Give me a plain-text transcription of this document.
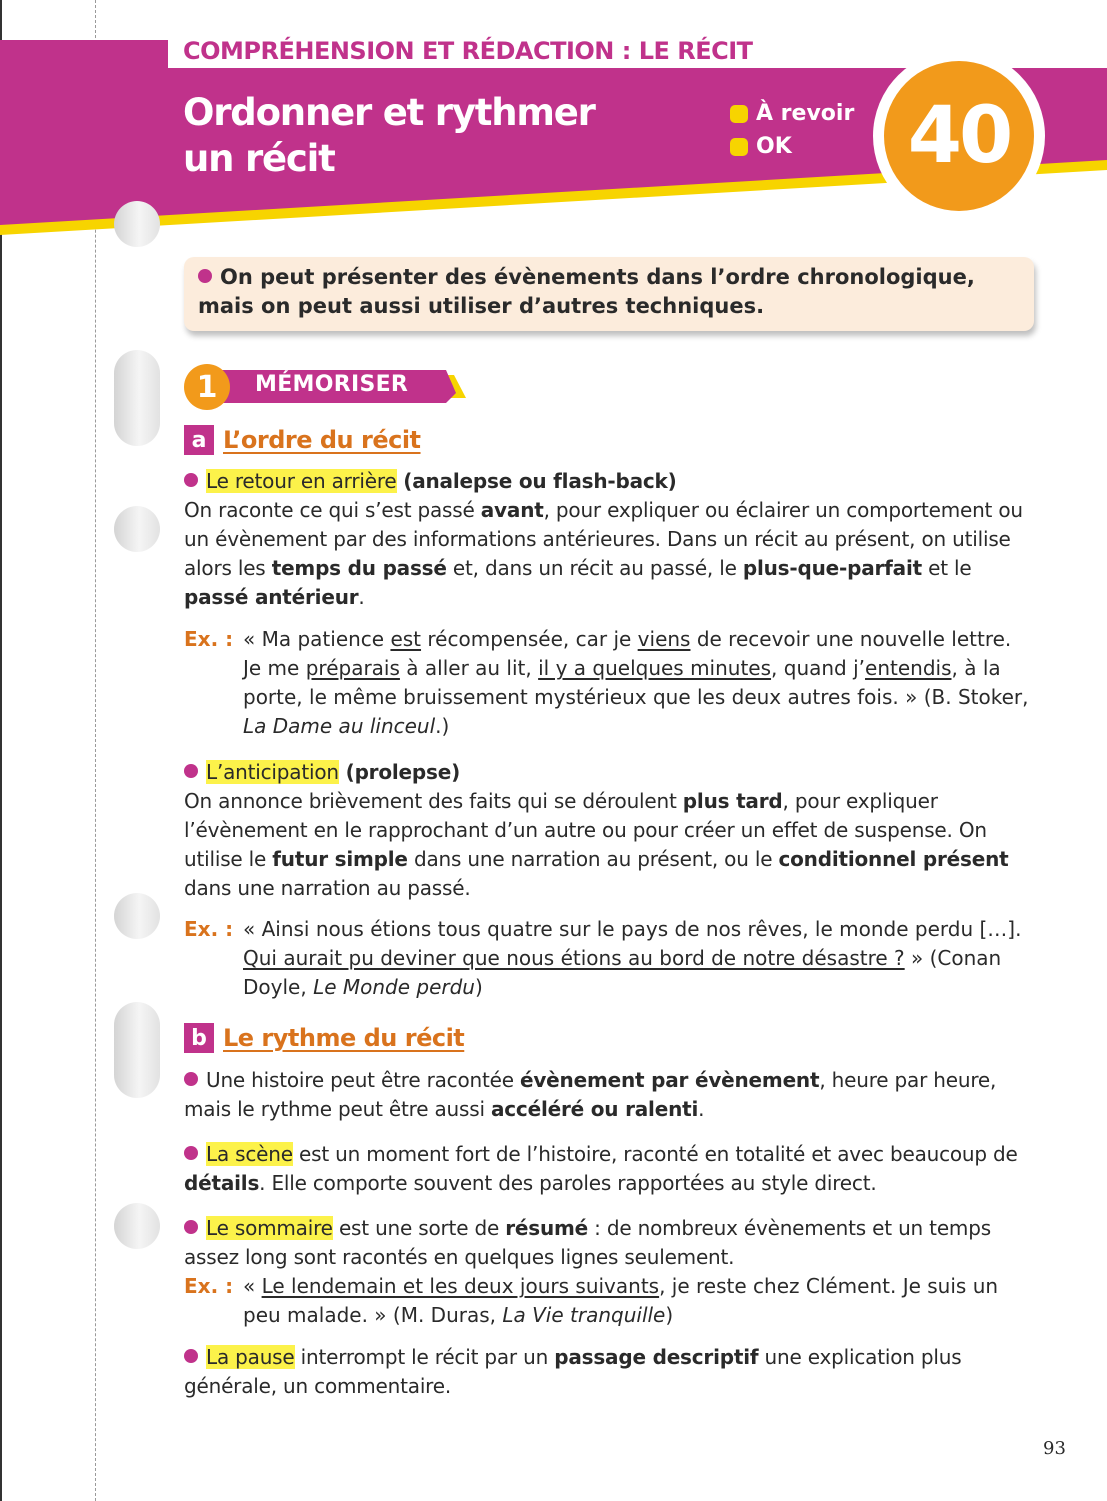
COMPRÉHENSION ET RÉDACTION : LE RÉCIT
Ordonner et rythmer
un récit
À revoir
OK	40
On peut présenter des évènements dans l’ordre chronologique, mais on peut aussi utiliser d’autres techniques.
1	MÉMORISER
a L’ordre du récit
Le retour en arrière (analepse ou flash-back)
On raconte ce qui s’est passé avant, pour expliquer ou éclairer un comportement ou un évènement par des informations antérieures. Dans un récit au présent, on utilise alors les temps du passé et, dans un récit au passé, le plus-que-parfait et le passé antérieur.
Ex. : « Ma patience est récompensée, car je viens de recevoir une nouvelle lettre. Je me préparais à aller au lit, il y a quelques minutes, quand j’entendis, à la porte, le même bruissement mystérieux que les deux autres fois. » (B. Stoker, La Dame au linceul.)
L’anticipation (prolepse)
On annonce brièvement des faits qui se déroulent plus tard, pour expliquer l’évènement en le rapprochant d’un autre ou pour créer un effet de suspense. On utilise le futur simple dans une narration au présent, ou le conditionnel présent dans une narration au passé.
Ex. : « Ainsi nous étions tous quatre sur le pays de nos rêves, le monde perdu […]. Qui aurait pu deviner que nous étions au bord de notre désastre ? » (Conan Doyle, Le Monde perdu)
b Le rythme du récit
Une histoire peut être racontée évènement par évènement, heure par heure, mais le rythme peut être aussi accéléré ou ralenti.
La scène est un moment fort de l’histoire, raconté en totalité et avec beaucoup de détails. Elle comporte souvent des paroles rapportées au style direct.
Le sommaire est une sorte de résumé : de nombreux évènements et un temps assez long sont racontés en quelques lignes seulement.
Ex. : « Le lendemain et les deux jours suivants, je reste chez Clément. Je suis un peu malade. » (M. Duras, La Vie tranquille)
La pause interrompt le récit par un passage descriptif une explication plus générale, un commentaire.
93
